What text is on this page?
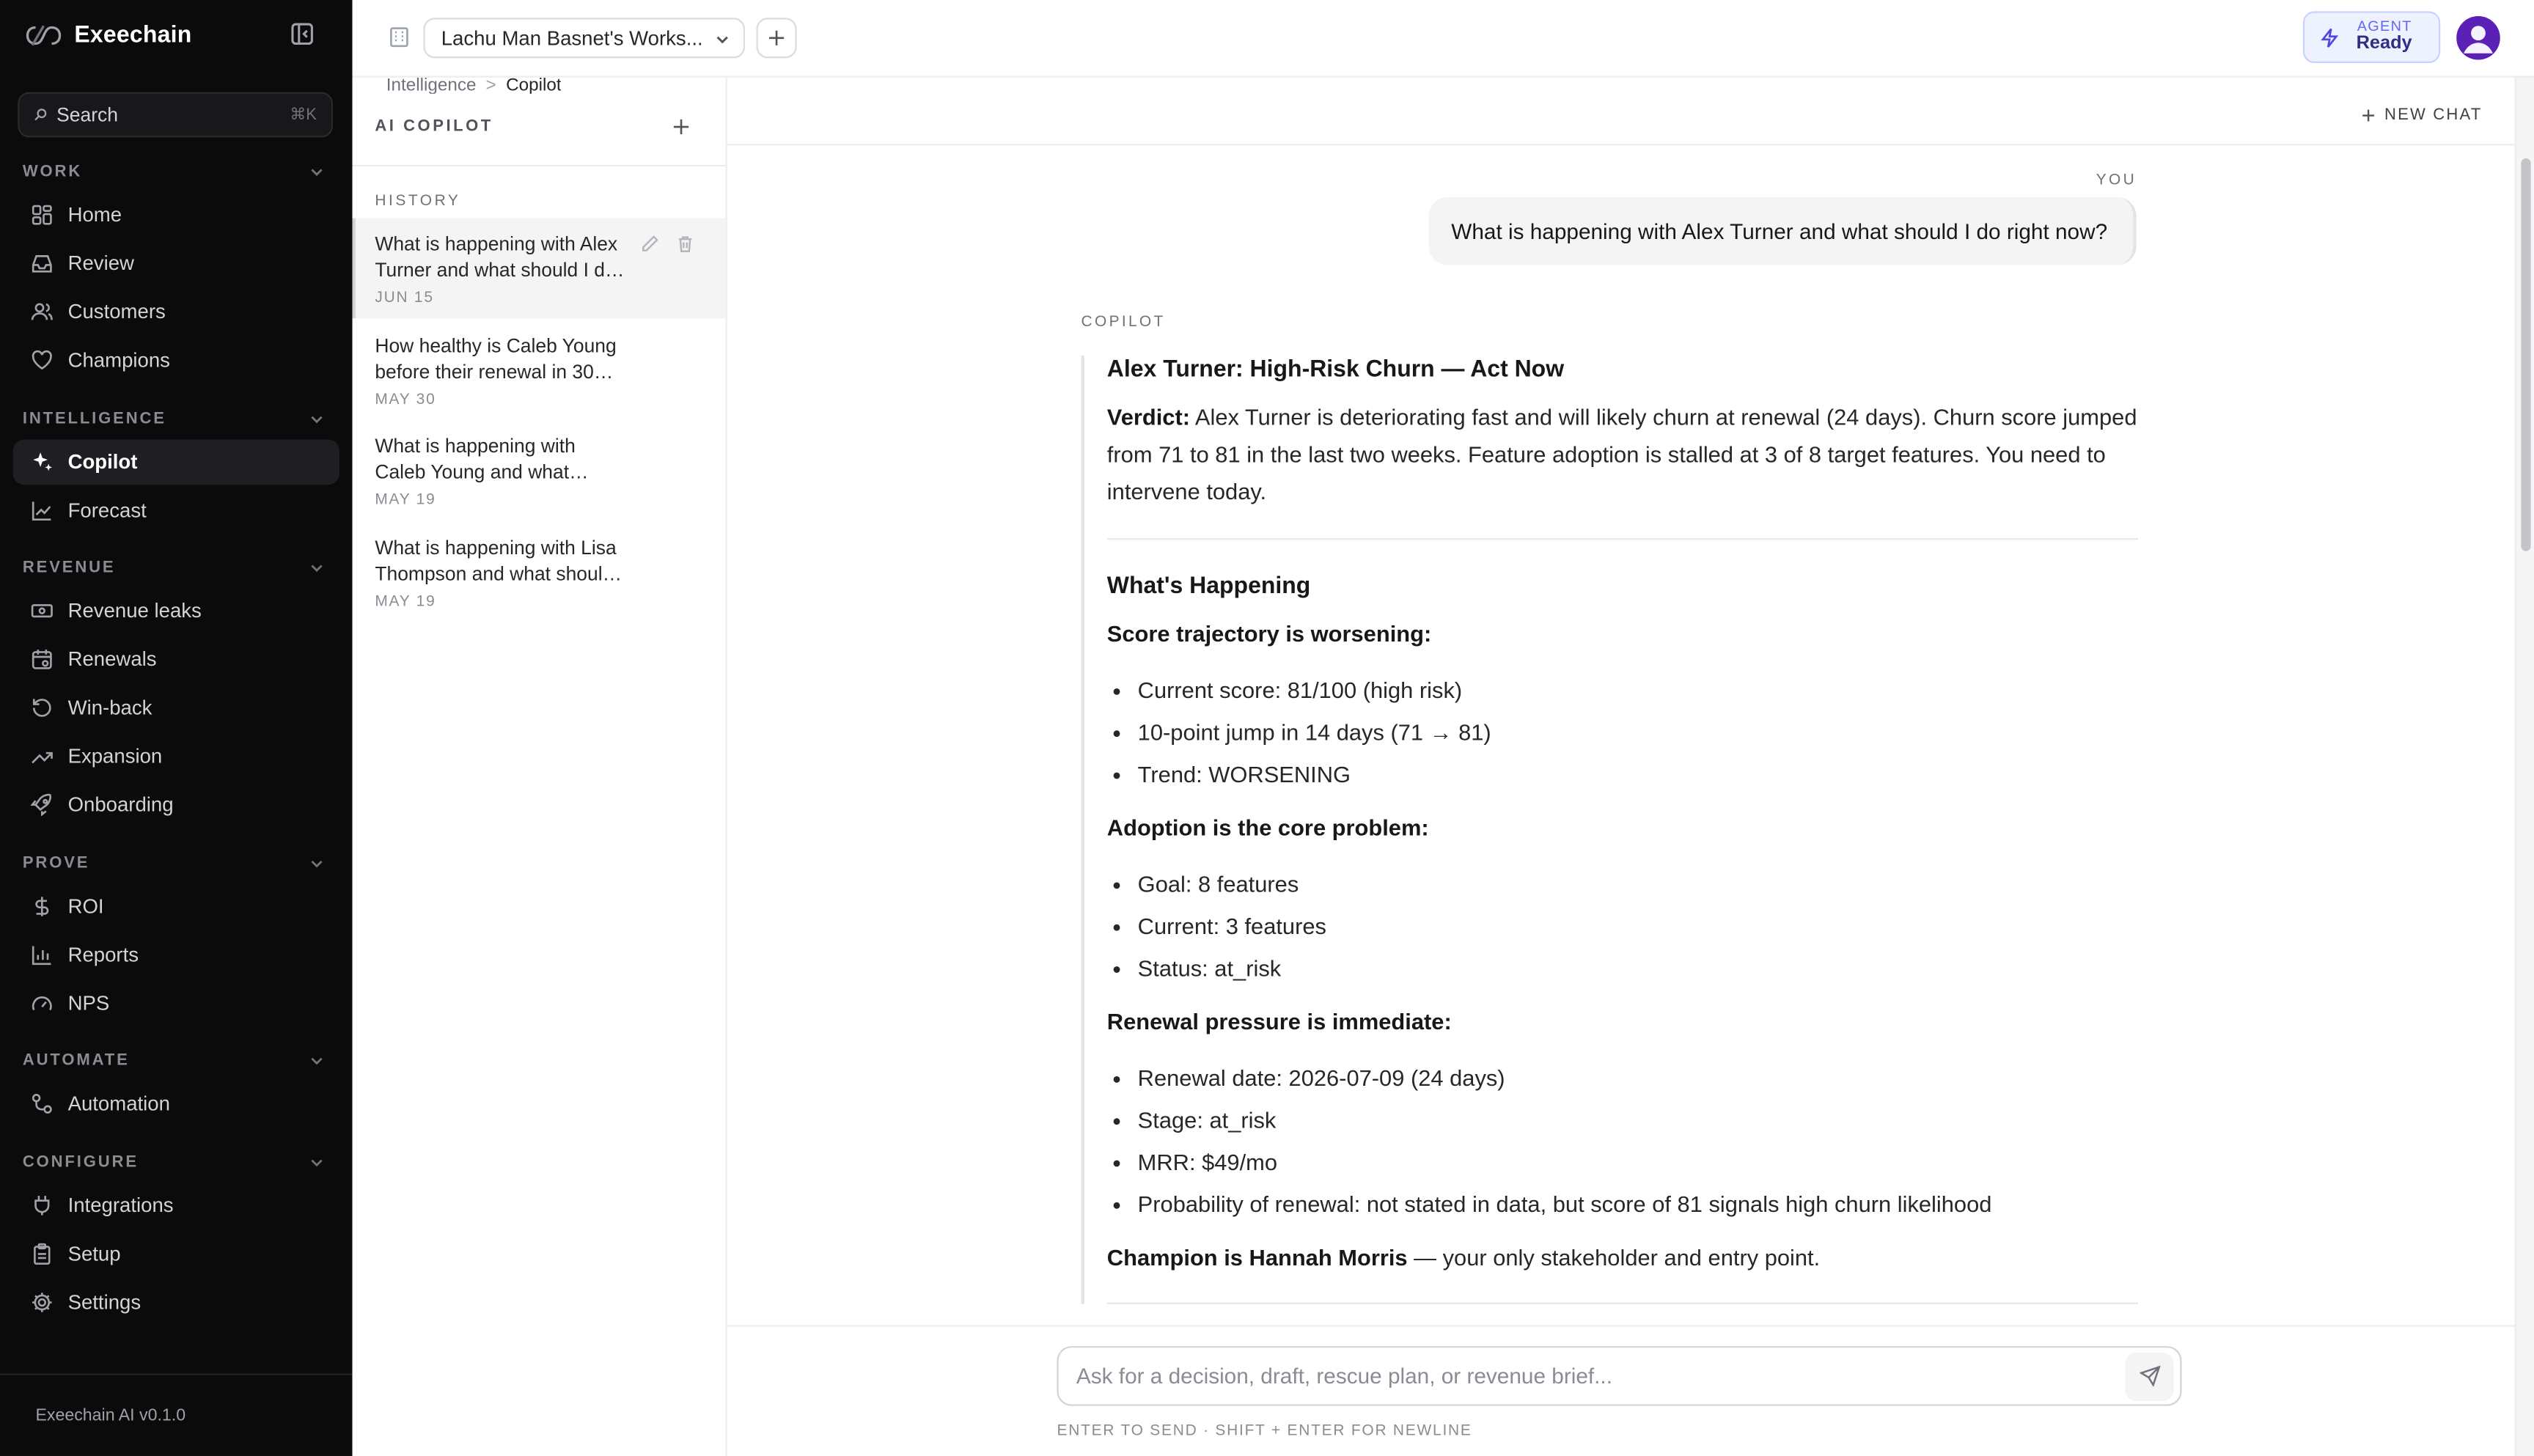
Exeechain
Search	⌘K
WORK
Home
Review
Customers
Champions
INTELLIGENCE
Copilot
Forecast
REVENUE
Revenue leaks
Renewals
Win-back
Expansion
Onboarding
PROVE
ROI
Reports
NPS
AUTOMATE
Automation
CONFIGURE
Integrations
Setup
Settings
Exeechain AI v0.1.0
Lachu Man Basnet's Works...
AGENT
Ready
Intelligence > Copilot
AI COPILOT
HISTORY
What is happening with Alex Turner and what should I do
JUN 15
How healthy is Caleb Young before their renewal in 30
MAY 30
What is happening with Caleb Young and what
MAY 19
What is happening with Lisa Thompson and what should I
MAY 19
NEW CHAT
YOU
What is happening with Alex Turner and what should I do right now?
COPILOT
Alex Turner: High-Risk Churn — Act Now

Verdict: Alex Turner is deteriorating fast and will likely churn at renewal (24 days). Churn score jumped from 71 to 81 in the last two weeks. Feature adoption is stalled at 3 of 8 target features. You need to intervene today.

What's Happening
Score trajectory is worsening:
• Current score: 81/100 (high risk)
• 10-point jump in 14 days (71 → 81)
• Trend: WORSENING
Adoption is the core problem:
• Goal: 8 features
• Current: 3 features
• Status: at_risk
Renewal pressure is immediate:
• Renewal date: 2026-07-09 (24 days)
• Stage: at_risk
• MRR: $49/mo
• Probability of renewal: not stated in data, but score of 81 signals high churn likelihood

Champion is Hannah Morris — your only stakeholder and entry point.

Ask for a decision, draft, rescue plan, or revenue brief...
ENTER TO SEND · SHIFT + ENTER FOR NEWLINE
